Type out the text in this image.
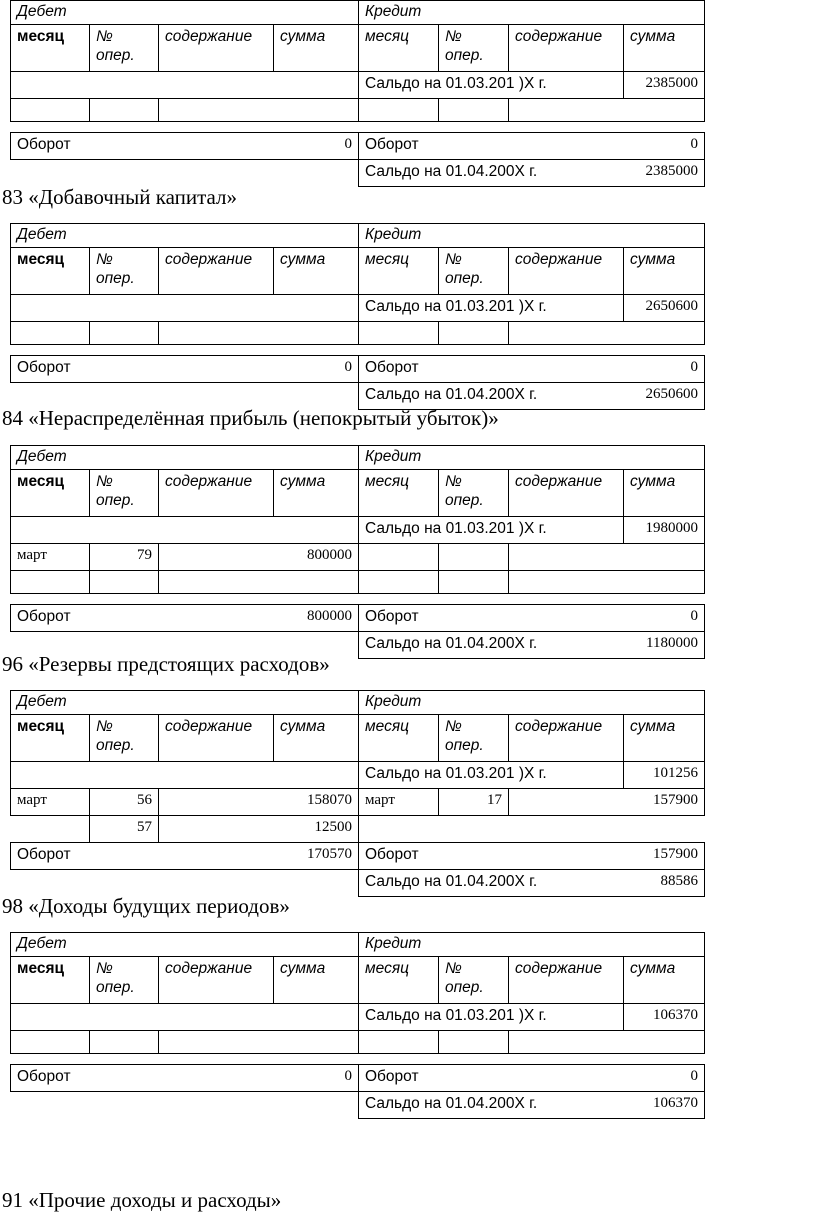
Дебет				Кредит			
месяц	№ опер.	содержание	сумма	месяц	№ опер.	содержание	сумма
				Сальдо на 01.03.201 )Х г.			2385000

Оборот			0	Оборот			0
				Сальдо на 01.04.200Х г.			2385000
83 «Добавочный капитал»
Дебет				Кредит			
месяц	№ опер.	содержание	сумма	месяц	№ опер.	содержание	сумма
				Сальдо на 01.03.201 )Х г.			2650600

Оборот			0	Оборот			0
				Сальдо на 01.04.200Х г.			2650600
84 «Нераспределённая прибыль (непокрытый убыток)»
Дебет				Кредит			
месяц	№ опер.	содержание	сумма	месяц	№ опер.	содержание	сумма
				Сальдо на 01.03.201 )Х г.			1980000
март	79	800000					

Оборот			800000	Оборот			0
				Сальдо на 01.04.200Х г.			1180000
96 «Резервы предстоящих расходов»
Дебет				Кредит			
месяц	№ опер.	содержание	сумма	месяц	№ опер.	содержание	сумма
				Сальдо на 01.03.201 )Х г.			101256
март	56	158070		март	17	157900	
	57	12500					
Оборот			170570	Оборот			157900
				Сальдо на 01.04.200Х г.			88586
98 «Доходы будущих периодов»
Дебет				Кредит			
месяц	№ опер.	содержание	сумма	месяц	№ опер.	содержание	сумма
				Сальдо на 01.03.201 )Х г.			106370

Оборот			0	Оборот			0
				Сальдо на 01.04.200Х г.			106370
91 «Прочие доходы и расходы»
